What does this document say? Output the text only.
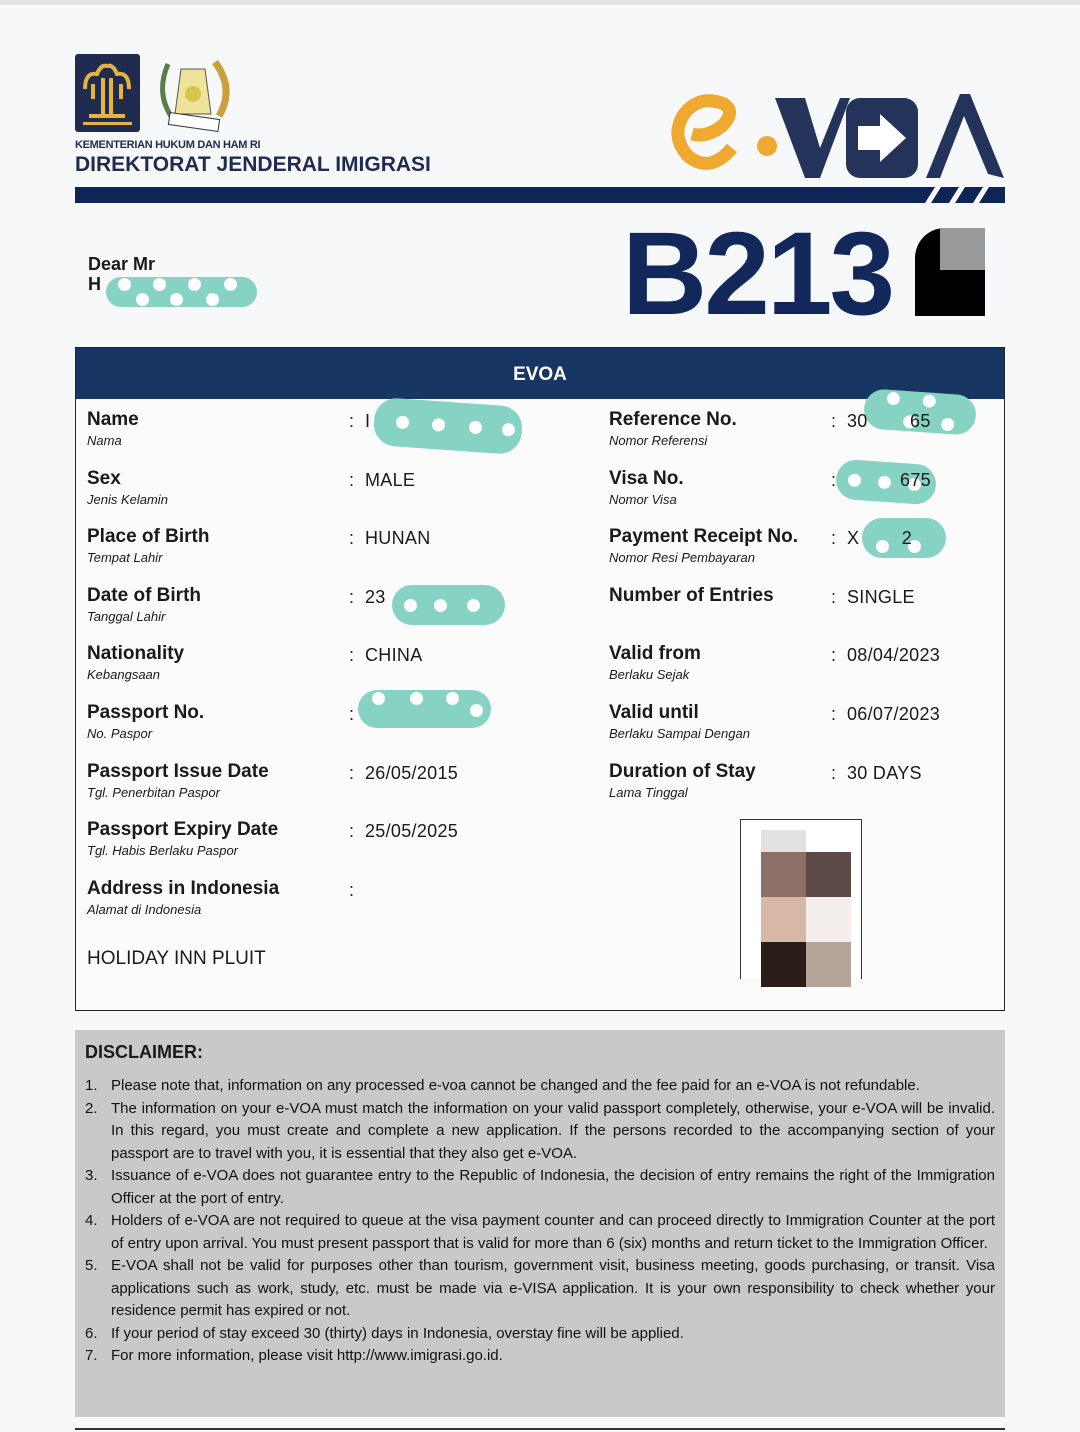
KEMENTERIAN HUKUM DAN HAM RI
DIREKTORAT JENDERAL IMIGRASI
Dear Mr
H	B213
EVOA
Name
Nama
: I
Sex
Jenis Kelamin
: MALE
Place of Birth
Tempat Lahir
: HUNAN
Date of Birth
Tanggal Lahir
: 23
Nationality
Kebangsaan
: CHINA
Passport No.
No. Paspor
:
Passport Issue Date
Tgl. Penerbitan Paspor
: 26/05/2015
Passport Expiry Date
Tgl. Habis Berlaku Paspor
: 25/05/2025
Address in Indonesia
Alamat di Indonesia
:
Reference No.
Nomor Referensi
: 30        65
Visa No.
Nomor Visa
: 675
Payment Receipt No.
Nomor Resi Pembayaran
: X        2
Number of Entries	: SINGLE
Valid from
Berlaku Sejak
: 08/04/2023
Valid until
Berlaku Sampai Dengan
: 06/07/2023
Duration of Stay
Lama Tinggal
: 30 DAYS
HOLIDAY INN PLUIT
DISCLAIMER:
1. Please note that, information on any processed e-voa cannot be changed and the fee paid for an e-VOA is not refundable.
2. The information on your e-VOA must match the information on your valid passport completely, otherwise, your e-VOA will be invalid. In this regard, you must create and complete a new application. If the persons recorded to the accompanying section of your passport are to travel with you, it is essential that they also get e-VOA.
3. Issuance of e-VOA does not guarantee entry to the Republic of Indonesia, the decision of entry remains the right of the Immigration Officer at the port of entry.
4. Holders of e-VOA are not required to queue at the visa payment counter and can proceed directly to Immigration Counter at the port of entry upon arrival. You must present passport that is valid for more than 6 (six) months and return ticket to the Immigration Officer.
5. E-VOA shall not be valid for purposes other than tourism, government visit, business meeting, goods purchasing, or transit. Visa applications such as work, study, etc. must be made via e-VISA application. It is your own responsibility to check whether your residence permit has expired or not.
6. If your period of stay exceed 30 (thirty) days in Indonesia, overstay fine will be applied.
7. For more information, please visit http://www.imigrasi.go.id.
